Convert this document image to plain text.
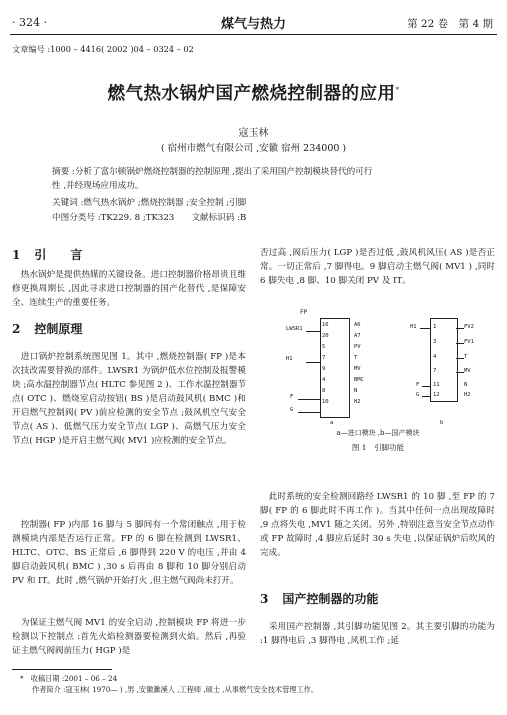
· 324 ·	煤气与热力	第 22 卷　第 4 期
文章编号 :1000 – 4416( 2002 )04 – 0324 – 02
燃气热水锅炉国产燃烧控制器的应用*
寇玉林
( 宿州市燃气有限公司 ,安徽 宿州 234000 )
摘要 :分析了富尔顿锅炉燃烧控制器的控制原理 ,提出了采用国产控制模块替代的可行
性 ,并经现场应用成功。
关键词 :燃气热水锅炉 ;燃烧控制器 ;安全控制 ;引脚
中图分类号 :TK229. 8 ;TK323　　文献标识码 :B
1 引　　言
　热水锅炉是提供热媒的关键设备。进口控制器价格昂贵且维修更换周期长 ,因此寻求进口控制器的国产化替代 ,是保障安全、连续生产的重要任务。
2 控制原理
　进口锅炉控制系统图见图 1。其中 ,燃烧控制器( FP )是本次技改需要替换的部件。LWSR1 为锅炉低水位控制及报警模块 ;高水温控制器节点( HLTC 参见图 2 )、工作水温控制器节点( OTC )、燃烧室启动按钮( BS )是启动鼓风机( BMC )和开启燃气控制阀( PV )前应检测的安全节点 ;鼓风机空气安全节点( AS )、低燃气压力安全节点( LGP )、高燃气压力安全节点( HGP )是开启主燃气阀( MV1 )应检测的安全节点。
　控制器( FP )内部 16 脚与 5 脚间有一个常闭触点 ,用于检测模块内部是否运行正常。FP 的 6 脚在检测到 LWSR1、HLTC、OTC、BS 正常后 ,6 脚得到 220 V 的电压 ,并由 4 脚启动鼓风机( BMC ) ,30 s 后再由 8 脚和 10 脚分别启动 PV 和 IT。此时 ,燃气锅炉开始打火 ,但主燃气阀尚未打开。
　为保证主燃气阀 MV1 的安全启动 ,控制模块 FP 将进一步检测以下控制点 :首先火焰检测器要检测到火焰。然后 ,再验证主燃气阀阀前压力( HGP )是
否过高 ,阀后压力( LGP )是否过低 ,鼓风机风压( AS )是否正常。一切正常后 ,7 脚得电。9 脚启动主燃气阀( MV1 ) ,同时 6 脚失电 ,8 脚、10 脚关闭 PV 及 IT。
FP
LWSR1
H1
F
G
16
20
5
7
9
4
8
10
A6
A7
PV
T
MV
BMC
N
H2
a
H1	1
3
4
7
11
12
FV2
FV1
T
MV
N
H2
F
G
b
a—进口模块 ,b—国产模块
图 1　引脚功能
　此时系统的安全检测回路经 LWSR1 的 10 脚 ,至 FP 的 7 脚( FP 的 6 脚此时不再工作 )。当其中任何一点出现故障时 ,9 点将失电 ,MV1 随之关闭。另外 ,特别注意当安全节点动作或 FP 故障时 ,4 脚应后延时 30 s 失电 ,以保证锅炉后吹风的完成。
3 国产控制器的功能
　采用国产控制器 ,其引脚功能见图 2。其主要引脚的功能为 :1 脚得电后 ,3 脚得电 ,风机工作 ;延
*　 收稿日期 :2001 – 06 – 24
作者简介 :寇玉林( 1970— ) ,男 ,安徽濉溪人 ,工程师 ,硕士 ,从事燃气安全技术管理工作。
